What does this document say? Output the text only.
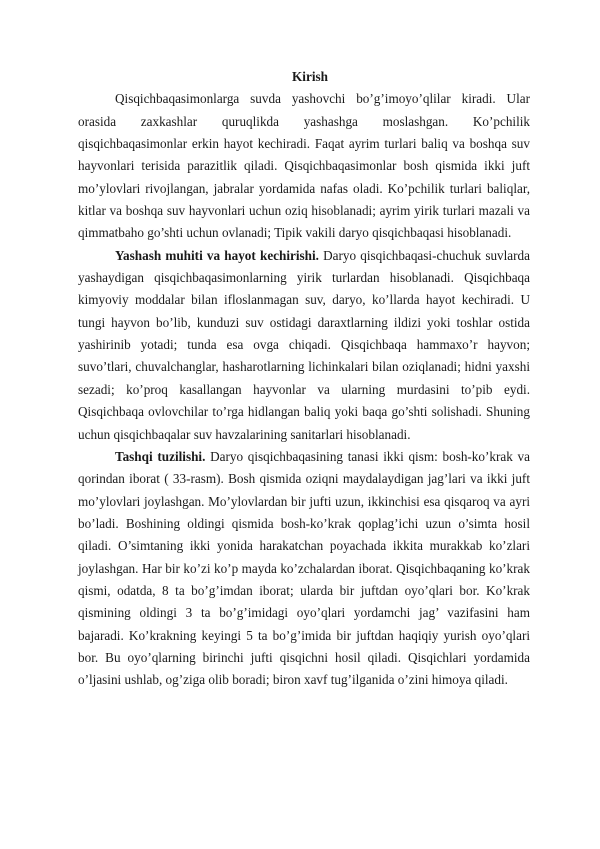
Kirish

Qisqichbaqasimonlarga suvda yashovchi bo’g’imoyo’qlilar kiradi. Ular orasida zaxkashlar quruqlikda yashashga moslashgan. Ko’pchilik qisqichbaqasimonlar erkin hayot kechiradi. Faqat ayrim turlari baliq va boshqa suv hayvonlari terisida parazitlik qiladi. Qisqichbaqasimonlar bosh qismida ikki juft mo’ylovlari rivojlangan, jabralar yordamida nafas oladi. Ko’pchilik turlari baliqlar, kitlar va boshqa suv hayvonlari uchun oziq hisoblanadi; ayrim yirik turlari mazali va qimmatbaho go’shti uchun ovlanadi; Tipik vakili daryo qisqichbaqasi hisoblanadi.

Yashash muhiti va hayot kechirishi. Daryo qisqichbaqasi-chuchuk suvlarda yashaydigan qisqichbaqasimonlarning yirik turlardan hisoblanadi. Qisqichbaqa kimyoviy moddalar bilan ifloslanmagan suv, daryo, ko’llarda hayot kechiradi. U tungi hayvon bo’lib, kunduzi suv ostidagi daraxtlarning ildizi yoki toshlar ostida yashirinib yotadi; tunda esa ovga chiqadi. Qisqichbaqa hammaxo’r hayvon; suvo’tlari, chuvalchanglar, hasharotlarning lichinkalari bilan oziqlanadi; hidni yaxshi sezadi; ko’proq kasallangan hayvonlar va ularning murdasini to’pib eydi. Qisqichbaqa ovlovchilar to’rga hidlangan baliq yoki baqa go’shti solishadi. Shuning uchun qisqichbaqalar suv havzalarining sanitarlari hisoblanadi.

Tashqi tuzilishi. Daryo qisqichbaqasining tanasi ikki qism: bosh-ko’krak va qorindan iborat ( 33-rasm). Bosh qismida oziqni maydalaydigan jag’lari va ikki juft mo’ylovlari joylashgan. Mo’ylovlardan bir jufti uzun, ikkinchisi esa qisqaroq va ayri bo’ladi. Boshining oldingi qismida bosh-ko’krak qoplag’ichi uzun o’simta hosil qiladi. O’simtaning ikki yonida harakatchan poyachada ikkita murakkab ko’zlari joylashgan. Har bir ko’zi ko’p mayda ko’zchalardan iborat. Qisqichbaqaning ko’krak qismi, odatda, 8 ta bo’g’imdan iborat; ularda bir juftdan oyo’qlari bor. Ko’krak qismining oldingi 3 ta bo’g’imidagi oyo’qlari yordamchi jag’ vazifasini ham bajaradi. Ko’krakning keyingi 5 ta bo’g’imida bir juftdan haqiqiy yurish oyo’qlari bor. Bu oyo’qlarning birinchi jufti qisqichni hosil qiladi. Qisqichlari yordamida o’ljasini ushlab, og’ziga olib boradi; biron xavf tug’ilganida o’zini himoya qiladi.
